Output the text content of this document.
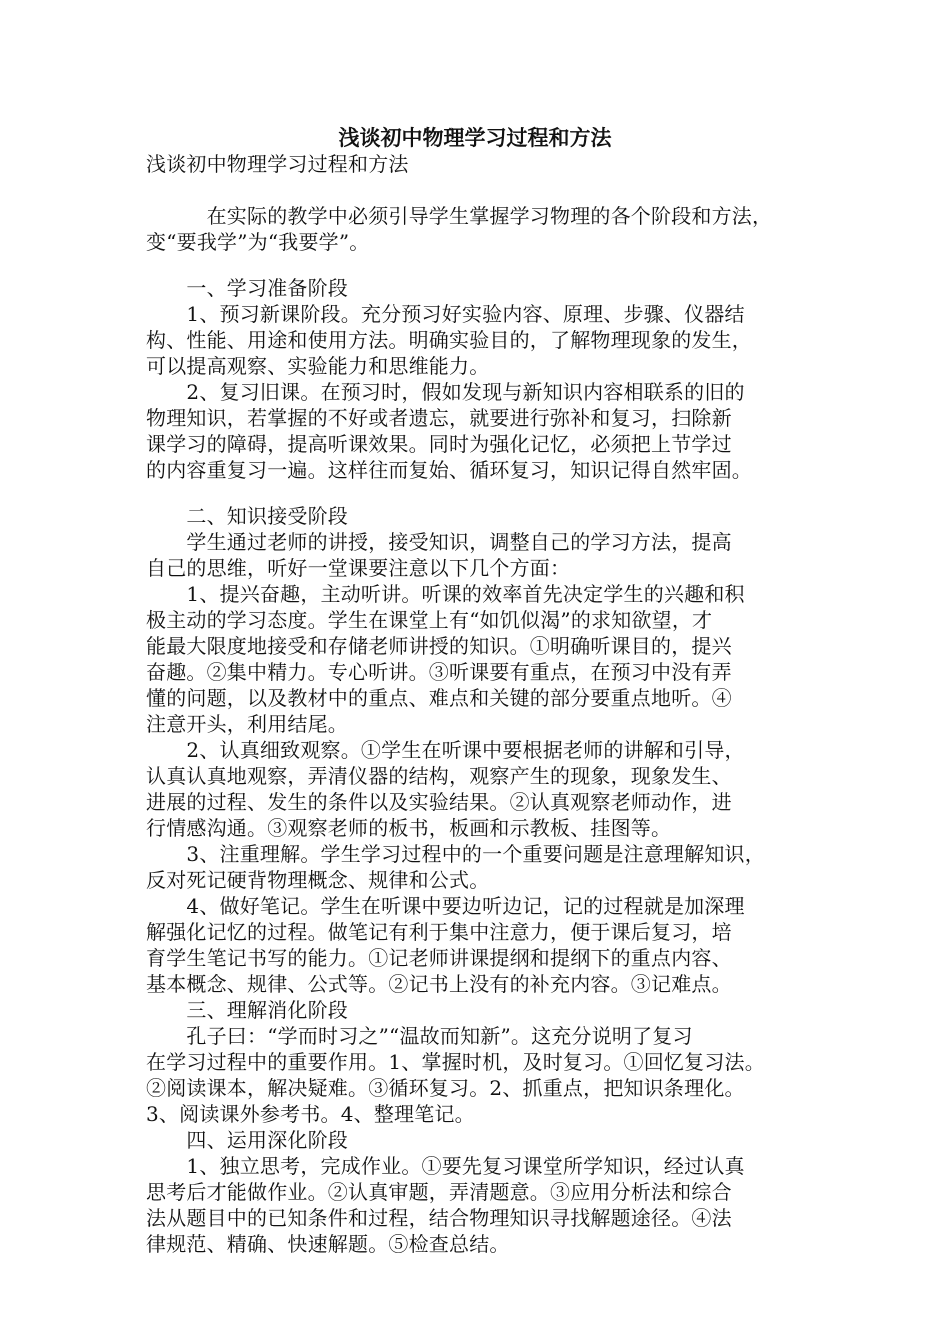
浅谈初中物理学习过程和方法
浅谈初中物理学习过程和方法
　　　在实际的教学中必须引导学生掌握学习物理的各个阶段和方法，
变“要我学”为“我要学”。
　　一、学习准备阶段
　　1、预习新课阶段。充分预习好实验内容、原理、步骤、仪器结
构、性能、用途和使用方法。明确实验目的，了解物理现象的发生，
可以提高观察、实验能力和思维能力。
　　2、复习旧课。在预习时，假如发现与新知识内容相联系的旧的
物理知识，若掌握的不好或者遗忘，就要进行弥补和复习，扫除新
课学习的障碍，提高听课效果。同时为强化记忆，必须把上节学过
的内容重复习一遍。这样往而复始、循环复习，知识记得自然牢固。
　　二、知识接受阶段
　　学生通过老师的讲授，接受知识，调整自己的学习方法，提高
自己的思维，听好一堂课要注意以下几个方面：
　　1、提兴奋趣，主动听讲。听课的效率首先决定学生的兴趣和积
极主动的学习态度。学生在课堂上有“如饥似渴”的求知欲望，才
能最大限度地接受和存储老师讲授的知识。①明确听课目的，提兴
奋趣。②集中精力。专心听讲。③听课要有重点，在预习中没有弄
懂的问题，以及教材中的重点、难点和关键的部分要重点地听。④
注意开头，利用结尾。
　　2、认真细致观察。①学生在听课中要根据老师的讲解和引导，
认真认真地观察，弄清仪器的结构，观察产生的现象，现象发生、
进展的过程、发生的条件以及实验结果。②认真观察老师动作，进
行情感沟通。③观察老师的板书，板画和示教板、挂图等。
　　3、注重理解。学生学习过程中的一个重要问题是注意理解知识，
反对死记硬背物理概念、规律和公式。
　　4、做好笔记。学生在听课中要边听边记，记的过程就是加深理
解强化记忆的过程。做笔记有利于集中注意力，便于课后复习，培
育学生笔记书写的能力。①记老师讲课提纲和提纲下的重点内容、
基本概念、规律、公式等。②记书上没有的补充内容。③记难点。
　　三、理解消化阶段
　　孔子曰：“学而时习之”“温故而知新”。这充分说明了复习
在学习过程中的重要作用。1、掌握时机，及时复习。①回忆复习法。
②阅读课本，解决疑难。③循环复习。2、抓重点，把知识条理化。
3、阅读课外参考书。4、整理笔记。
　　四、运用深化阶段
　　1、独立思考，完成作业。①要先复习课堂所学知识，经过认真
思考后才能做作业。②认真审题，弄清题意。③应用分析法和综合
法从题目中的已知条件和过程，结合物理知识寻找解题途径。④法
律规范、精确、快速解题。⑤检查总结。
